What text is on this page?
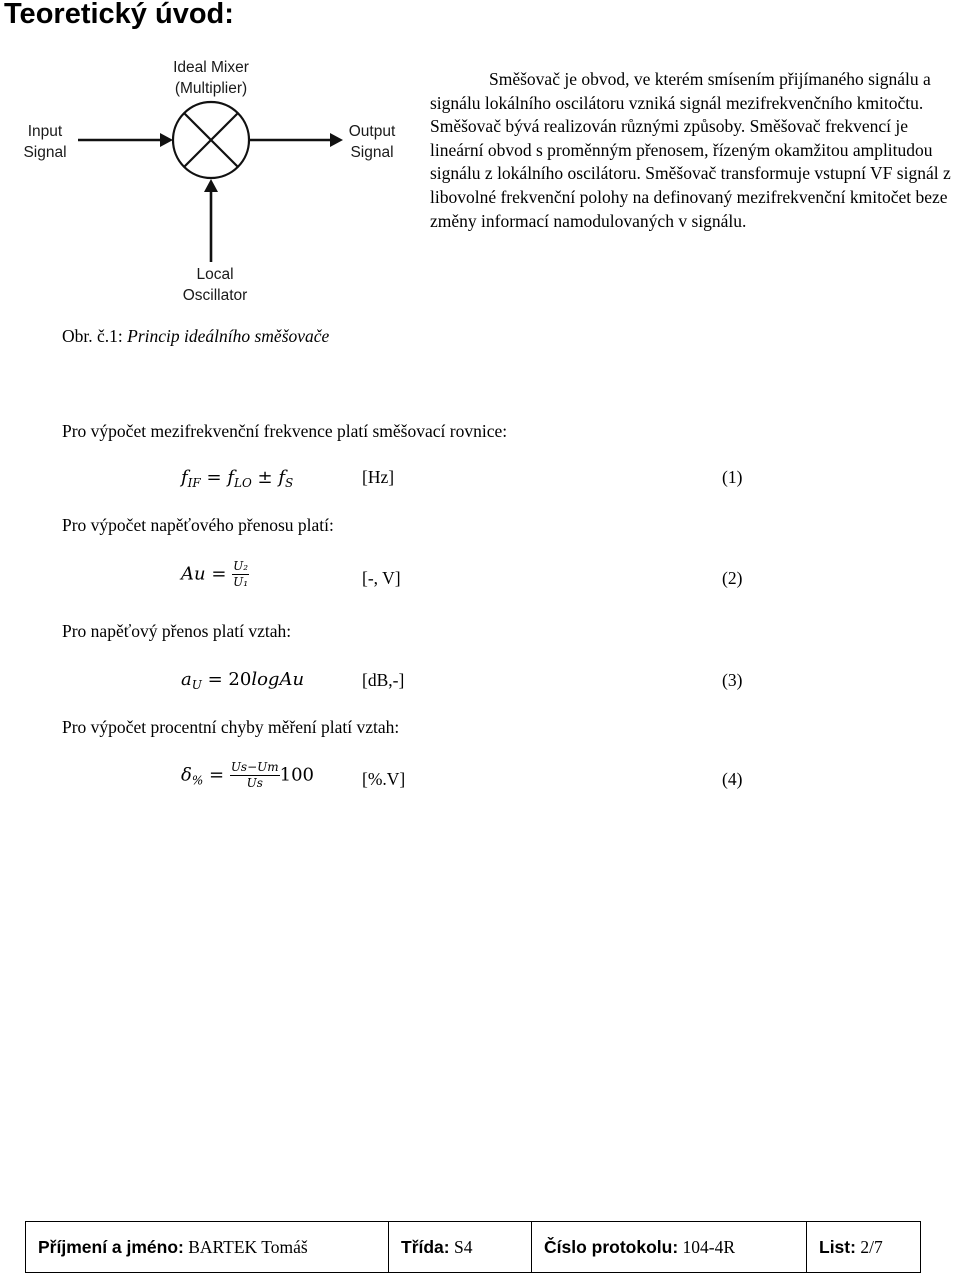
Teoretický úvod:
Ideal Mixer
(Multiplier)
Input
Signal
Output
Signal
Local
Oscillator

Směšovač je obvod, ve kterém smísením přijímaného signálu a signálu lokálního oscilátoru vzniká signál mezifrekvenčního kmitočtu. Směšovač bývá realizován různými způsoby. Směšovač frekvencí je lineární obvod s proměnným přenosem, řízeným okamžitou amplitudou signálu z lokálního oscilátoru. Směšovač transformuje vstupní VF signál z libovolné frekvenční polohy na definovaný mezifrekvenční kmitočet beze změny informací namodulovaných v signálu.

Obr. č.1: Princip ideálního směšovače
Pro výpočet mezifrekvenční frekvence platí směšovací rovnice:
$f_{IF} = f_{LO} \pm f_S$	[Hz]	(1)
Pro výpočet napěťového přenosu platí:
$Au = \frac{\text{U₂}}{\text{U₁}}$	[-, V]	(2)
Pro napěťový přenos platí vztah:
$a_U$ = 20logAu	[dB,-]	(3)
Pro výpočet procentní chyby měření platí vztah:
$\delta_{\%} = \frac{Us-Um}{Us} 100$	[%.V]	(4)
Příjmení a jméno: BARTEK Tomáš	Třída: S4	Číslo protokolu: 104-4R	List: 2/7
